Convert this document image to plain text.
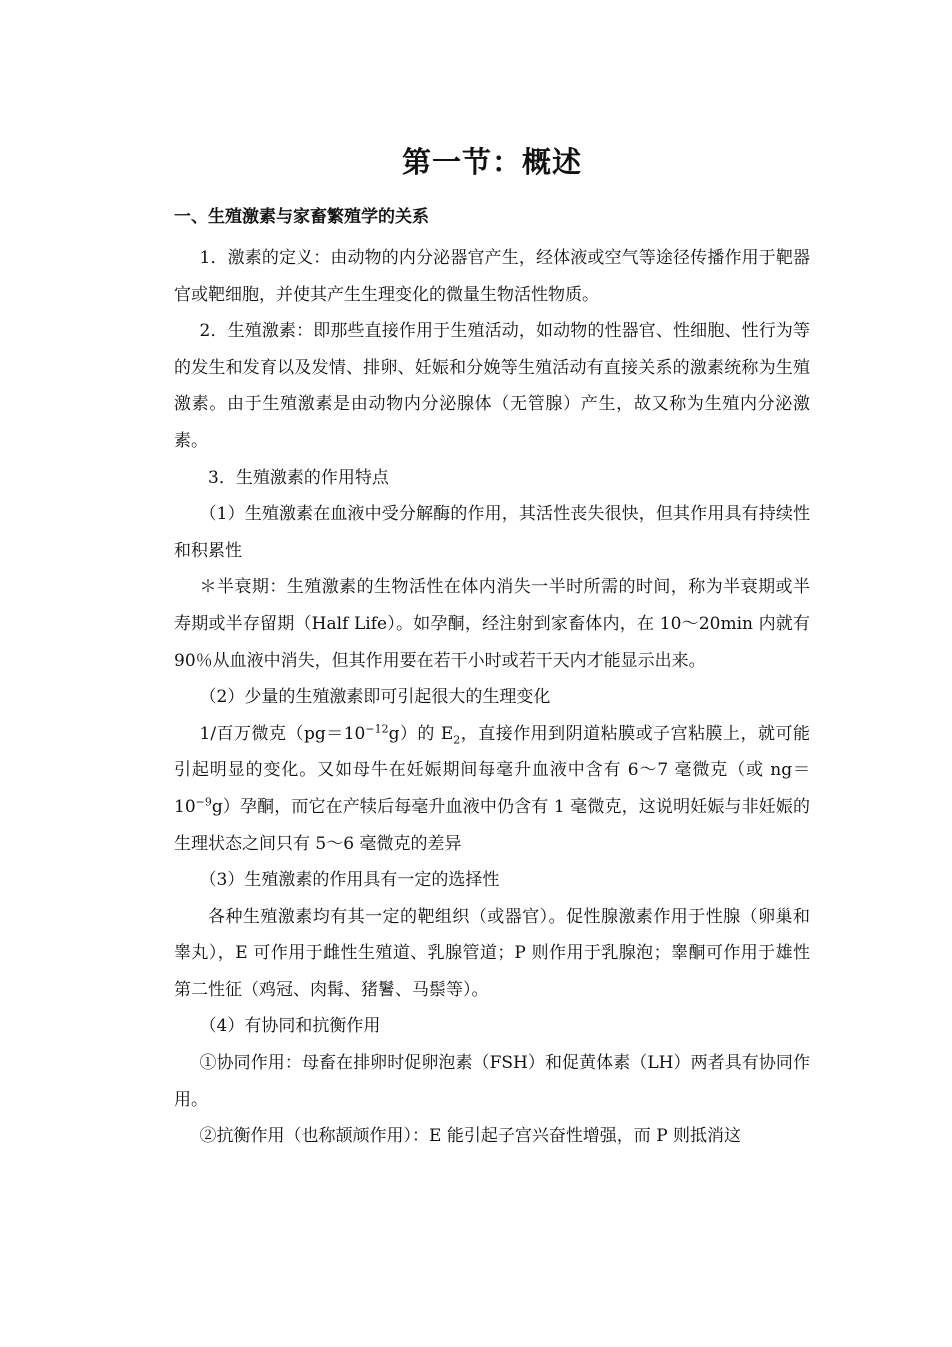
第一节：概述
一、生殖激素与家畜繁殖学的关系

1．激素的定义：由动物的内分泌器官产生，经体液或空气等途径传播作用于靶器官或靶细胞，并使其产生生理变化的微量生物活性物质。

2．生殖激素：即那些直接作用于生殖活动，如动物的性器官、性细胞、性行为等的发生和发育以及发情、排卵、妊娠和分娩等生殖活动有直接关系的激素统称为生殖激素。由于生殖激素是由动物内分泌腺体（无管腺）产生，故又称为生殖内分泌激素。

3．生殖激素的作用特点

（1）生殖激素在血液中受分解酶的作用，其活性丧失很快，但其作用具有持续性和积累性

＊半衰期：生殖激素的生物活性在体内消失一半时所需的时间，称为半衰期或半寿期或半存留期（Half Life）。如孕酮，经注射到家畜体内，在 10～20min 内就有 90％从血液中消失，但其作用要在若干小时或若干天内才能显示出来。

（2）少量的生殖激素即可引起很大的生理变化

1/百万微克$(pg=10^{-12}g)$的 $E_2$，直接作用到阴道粘膜或子宫粘膜上，就可能引起明显的变化。又如母牛在妊娠期间每毫升血液中含有 6～7 毫微克（或 $ng=10^{-9}g$）孕酮，而它在产犊后每毫升血液中仍含有 1 毫微克，这说明妊娠与非妊娠的生理状态之间只有 5～6 毫微克的差异

（3）生殖激素的作用具有一定的选择性

各种生殖激素均有其一定的靶组织（或器官）。促性腺激素作用于性腺（卵巢和睾丸），E 可作用于雌性生殖道、乳腺管道；P 则作用于乳腺泡；睾酮可作用于雄性第二性征（鸡冠、肉髯、猪鬐、马鬃等）。

（4）有协同和抗衡作用

①协同作用：母畜在排卵时促卵泡素（FSH）和促黄体素（LH）两者具有协同作用。

②抗衡作用（也称颉颃作用）：E 能引起子宫兴奋性增强，而 P 则抵消这
